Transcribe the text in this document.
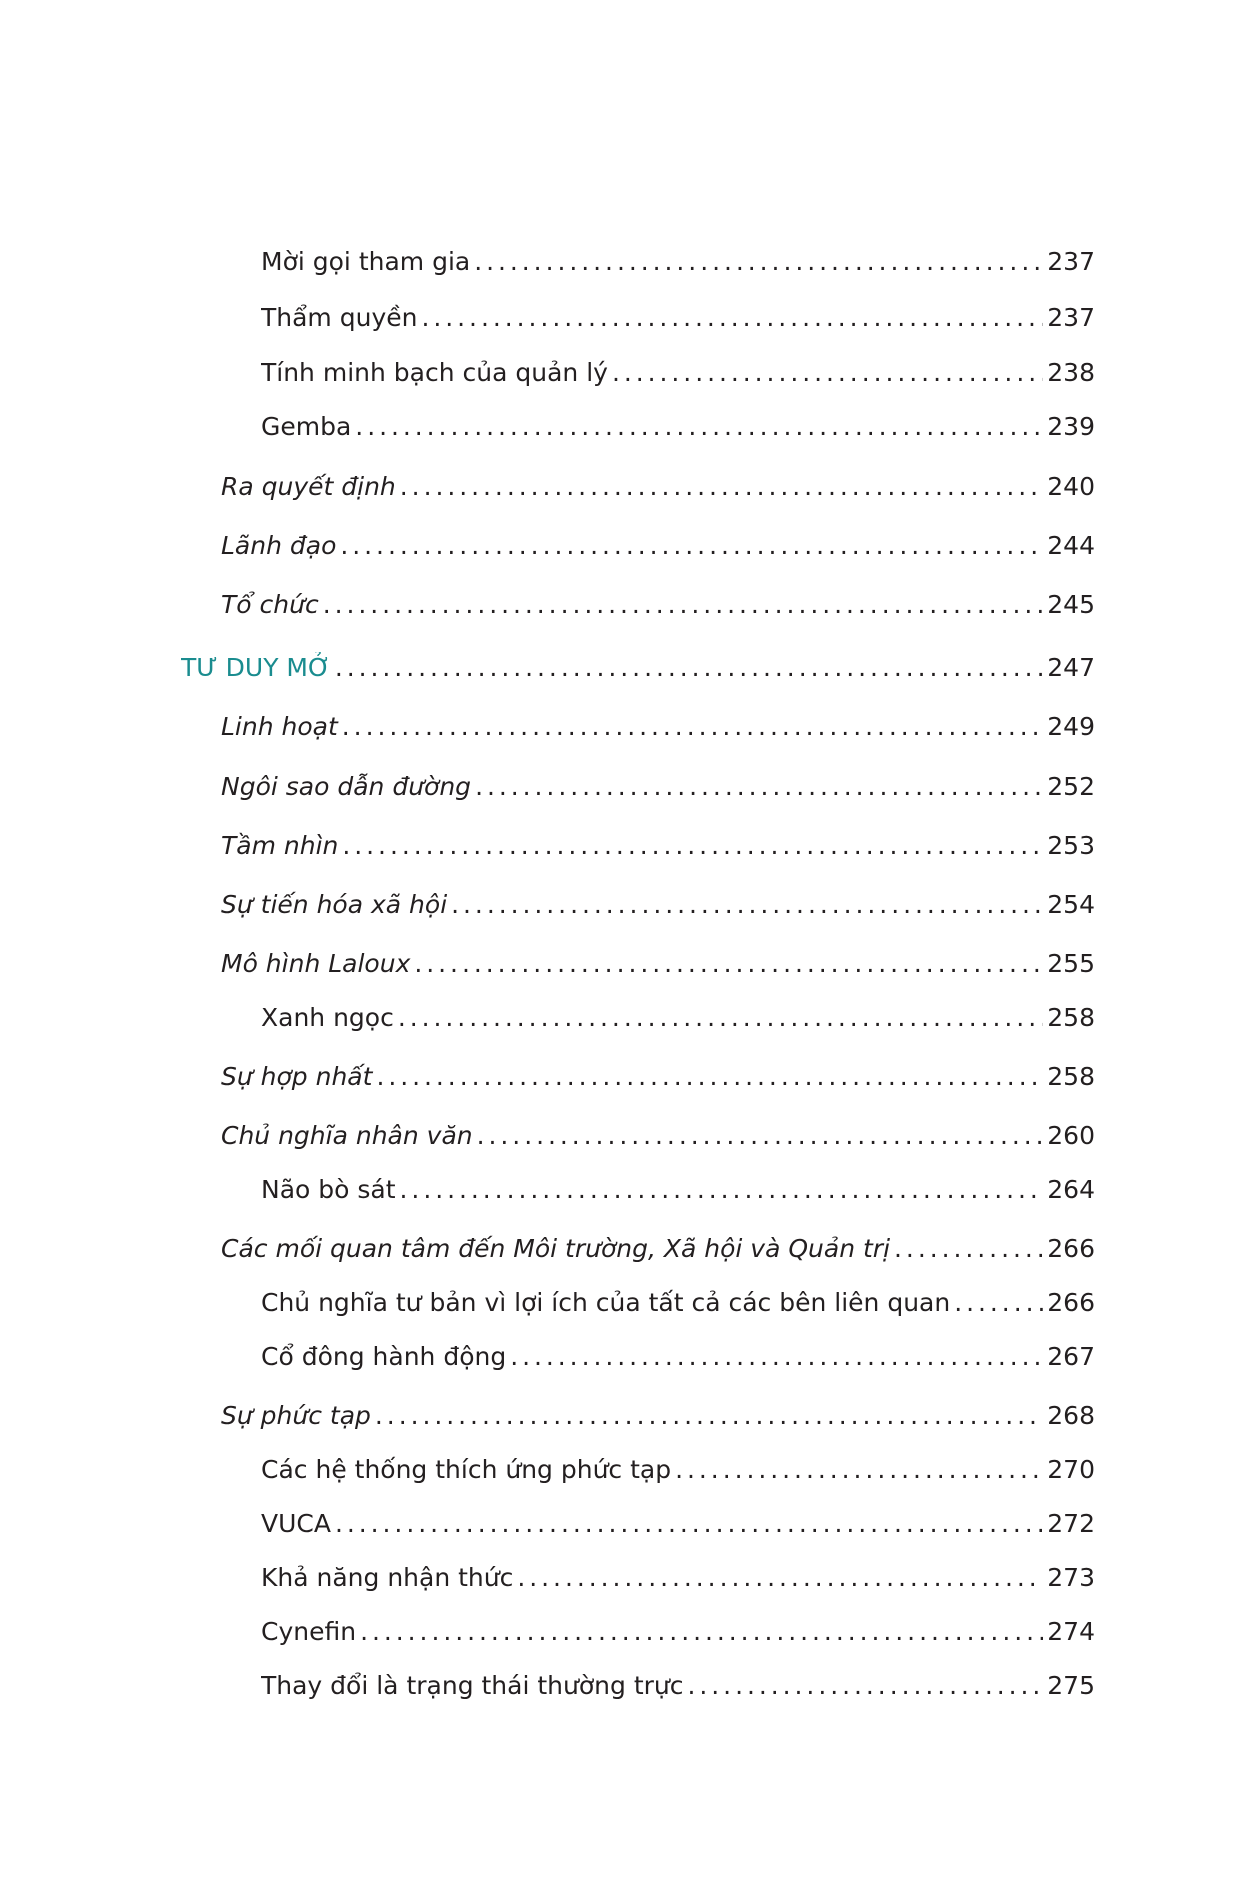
Mời gọi tham gia . . .	237
Thẩm quyền . . .	237
Tính minh bạch của quản lý . . .	238
Gemba . . .	239
Ra quyết định . . .	240
Lãnh đạo . . .	244
Tổ chức . . .	245
TƯ DUY MỞ . . .	247
Linh hoạt . . .	249
Ngôi sao dẫn đường . . .	252
Tầm nhìn . . .	253
Sự tiến hóa xã hội . . .	254
Mô hình Laloux . . .	255
Xanh ngọc . . .	258
Sự hợp nhất . . .	258
Chủ nghĩa nhân văn . . .	260
Não bò sát . . .	264
Các mối quan tâm đến Môi trường, Xã hội và Quản trị . . .	266
Chủ nghĩa tư bản vì lợi ích của tất cả các bên liên quan . . .	266
Cổ đông hành động . . .	267
Sự phức tạp . . .	268
Các hệ thống thích ứng phức tạp . . .	270
VUCA . . .	272
Khả năng nhận thức . . .	273
Cynefin . . .	274
Thay đổi là trạng thái thường trực . . .	275
